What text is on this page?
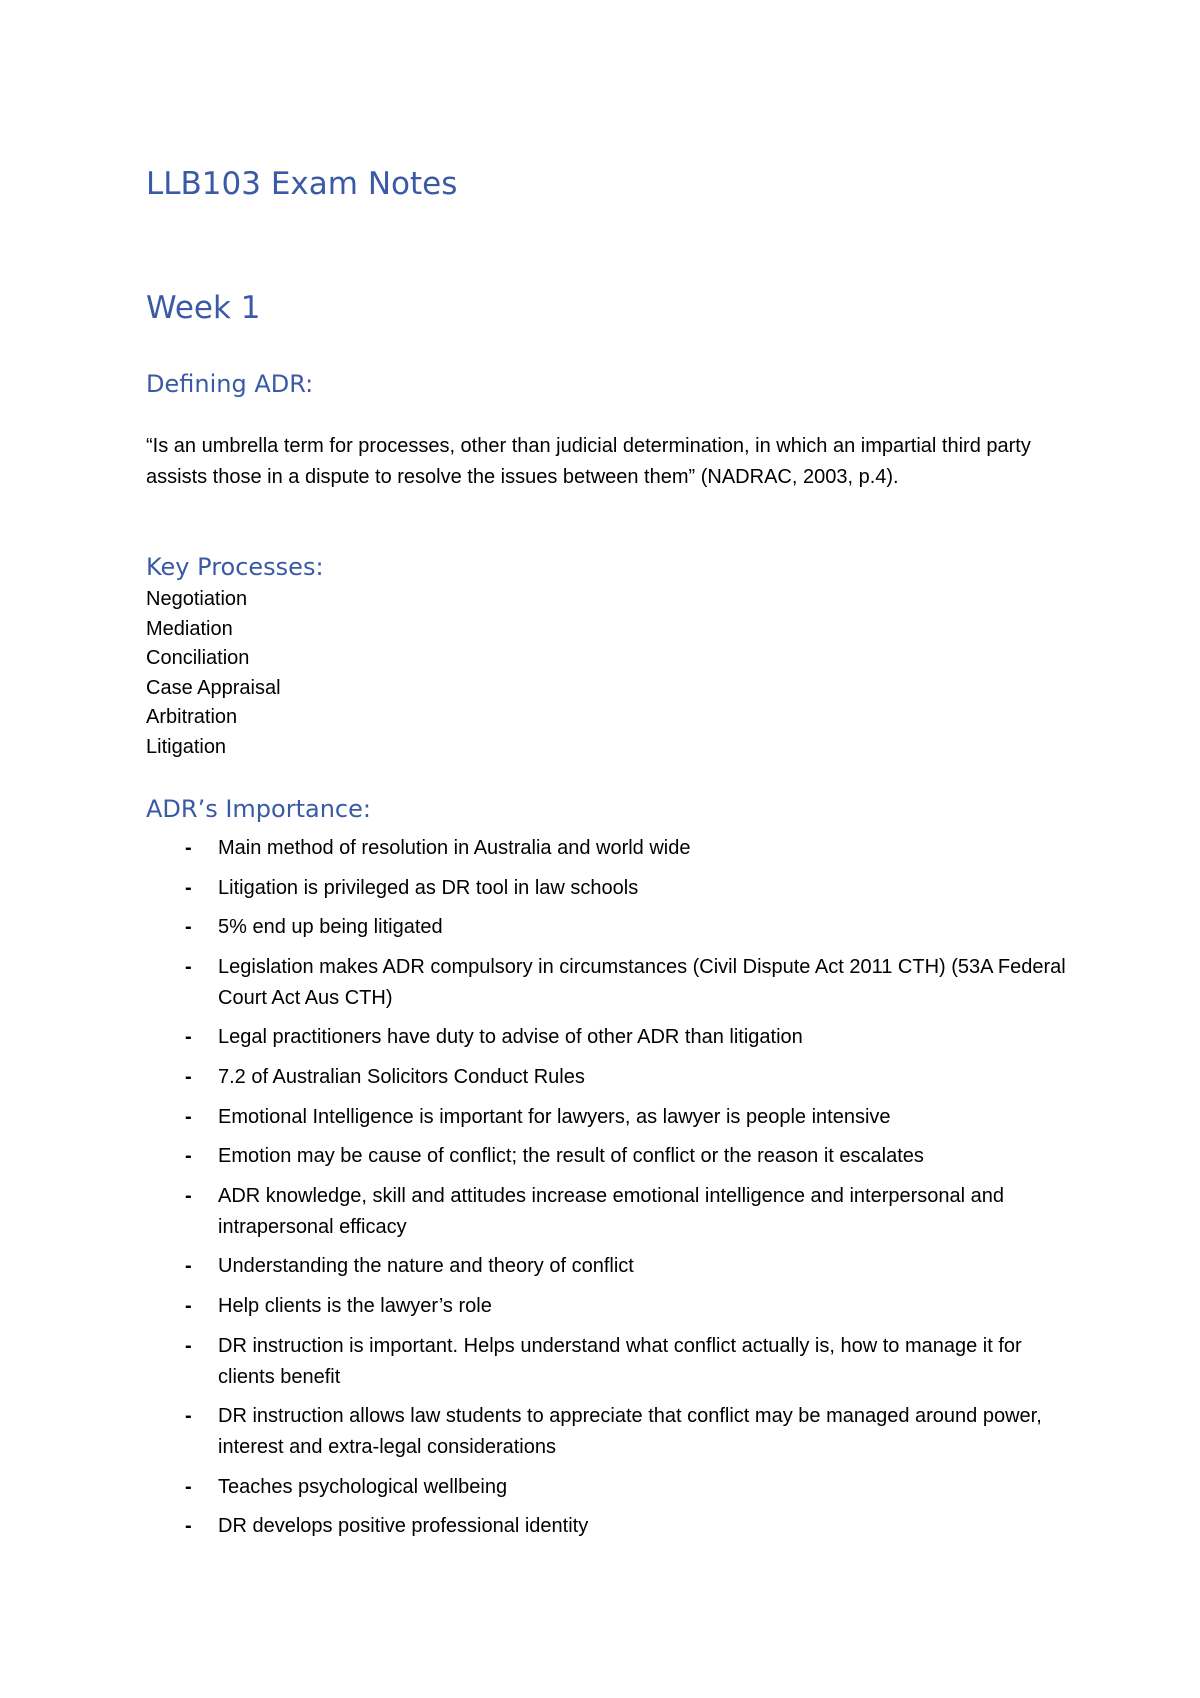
LLB103 Exam Notes
Week 1
Defining ADR:

“Is an umbrella term for processes, other than judicial determination, in which an impartial third party assists those in a dispute to resolve the issues between them” (NADRAC, 2003, p.4).

Key Processes:
Negotiation
Mediation
Conciliation
Case Appraisal
Arbitration
Litigation
ADR’s Importance:
- Main method of resolution in Australia and world wide
- Litigation is privileged as DR tool in law schools
- 5% end up being litigated
- Legislation makes ADR compulsory in circumstances (Civil Dispute Act 2011 CTH) (53A Federal Court Act Aus CTH)
- Legal practitioners have duty to advise of other ADR than litigation
- 7.2 of Australian Solicitors Conduct Rules
- Emotional Intelligence is important for lawyers, as lawyer is people intensive
- Emotion may be cause of conflict; the result of conflict or the reason it escalates
- ADR knowledge, skill and attitudes increase emotional intelligence and interpersonal and intrapersonal efficacy
- Understanding the nature and theory of conflict
- Help clients is the lawyer’s role
- DR instruction is important. Helps understand what conflict actually is, how to manage it for clients benefit
- DR instruction allows law students to appreciate that conflict may be managed around power, interest and extra-legal considerations
- Teaches psychological wellbeing
- DR develops positive professional identity
